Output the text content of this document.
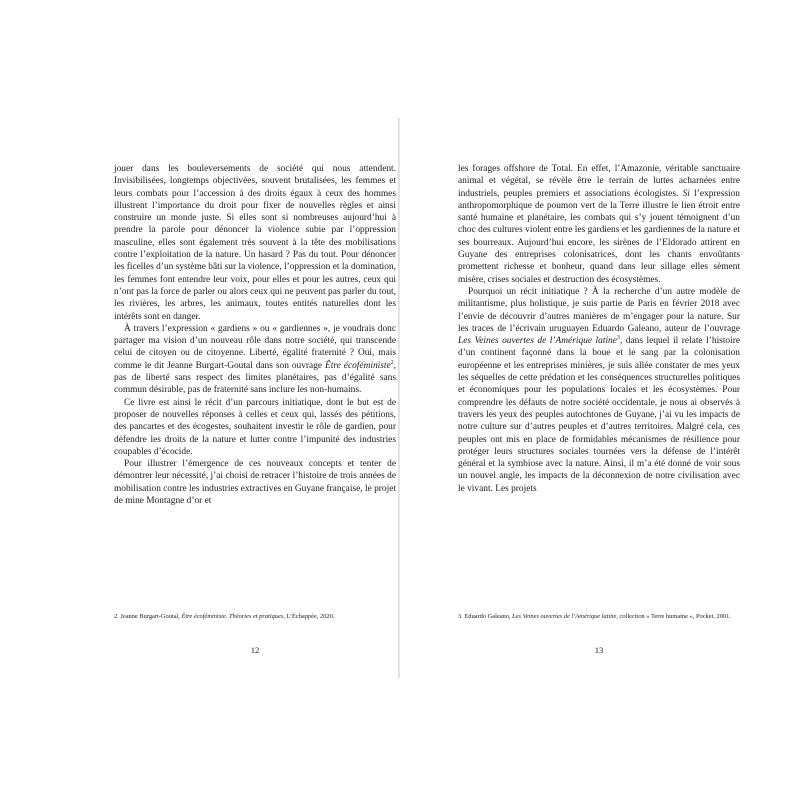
jouer dans les bouleversements de société qui nous attendent. Invisibilisées, longtemps objectivées, souvent brutalisées, les femmes et leurs combats pour l’accession à des droits égaux à ceux des hommes illustrent l’importance du droit pour fixer de nouvelles règles et ainsi construire un monde juste. Si elles sont si nombreuses aujourd’hui à prendre la parole pour dénoncer la violence subie par l’oppression masculine, elles sont également très souvent à la tête des mobilisations contre l’exploitation de la nature. Un hasard ? Pas du tout. Pour dénoncer les ficelles d’un système bâti sur la violence, l’oppression et la domination, les femmes font entendre leur voix, pour elles et pour les autres, ceux qui n’ont pas la force de parler ou alors ceux qui ne peuvent pas parler du tout, les rivières, les arbres, les animaux, toutes entités naturelles dont les intérêts sont en danger.

À travers l’expression « gardiens » ou « gardiennes », je voudrais donc partager ma vision d’un nouveau rôle dans notre société, qui transcende celui de citoyen ou de citoyenne. Liberté, égalité fraternité ? Oui, mais comme le dit Jeanne Burgart-Goutal dans son ouvrage Être écoféministe$^2$, pas de liberté sans respect des limites planétaires, pas d’égalité sans commun désirable, pas de fraternité sans inclure les non-humains.

Ce livre est ainsi le récit d’un parcours initiatique, dont le but est de proposer de nouvelles réponses à celles et ceux qui, lassés des pétitions, des pancartes et des écogestes, souhaitent investir le rôle de gardien, pour défendre les droits de la nature et lutter contre l’impunité des industries coupables d’écocide.

Pour illustrer l’émergence de ces nouveaux concepts et tenter de démontrer leur nécessité, j’ai choisi de retracer l’histoire de trois années de mobilisation contre les industries extractives en Guyane française, le projet de mine Montagne d’or et

2. Jeanne Burgart-Goutal, Être écoféministe. Théories et pratiques, L’Échappée, 2020.
12

les forages offshore de Total. En effet, l’Amazonie, véritable sanctuaire animal et végétal, se révèle être le terrain de luttes acharnées entre industriels, peuples premiers et associations écologistes. Si l’expression anthropomorphique de poumon vert de la Terre illustre le lien étroit entre santé humaine et planétaire, les combats qui s’y jouent témoignent d’un choc des cultures violent entre les gardiens et les gardiennes de la nature et ses bourreaux. Aujourd’hui encore, les sirènes de l’Eldorado attirent en Guyane des entreprises colonisatrices, dont les chants envoûtants promettent richesse et bonheur, quand dans leur sillage elles sèment misère, crises sociales et destruction des écosystèmes.

Pourquoi un récit initiatique ? À la recherche d’un autre modèle de militantisme, plus holistique, je suis partie de Paris en février 2018 avec l’envie de découvrir d’autres manières de m’engager pour la nature. Sur les traces de l’écrivain uruguayen Eduardo Galeano, auteur de l’ouvrage Les Veines ouvertes de l’Amérique latine$^3$, dans lequel il relate l’histoire d’un continent façonné dans la boue et le sang par la colonisation européenne et les entreprises minières, je suis allée constater de mes yeux les séquelles de cette prédation et les conséquences structurelles politiques et économiques pour les populations locales et les écosystèmes. Pour comprendre les défauts de notre société occidentale, je nous ai observés à travers les yeux des peuples autochtones de Guyane, j’ai vu les impacts de notre culture sur d’autres peuples et d’autres territoires. Malgré cela, ces peuples ont mis en place de formidables mécanismes de résilience pour protéger leurs structures sociales tournées vers la défense de l’intérêt général et la symbiose avec la nature. Ainsi, il m’a été donné de voir sous un nouvel angle, les impacts de la déconnexion de notre civilisation avec le vivant. Les projets

3. Eduardo Galeano, Les Veines ouvertes de l’Amérique latine, collection « Terre humaine », Pocket, 2001.
13
